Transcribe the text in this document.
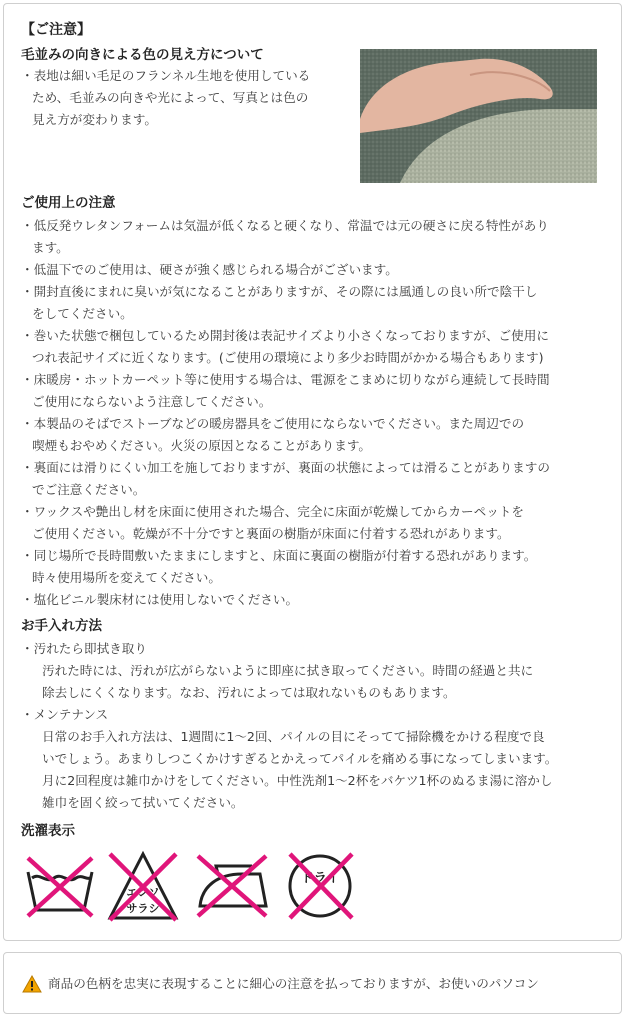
【ご注意】
毛並みの向きによる色の見え方について
・表地は細い毛足のフランネル生地を使用している
ため、毛並みの向きや光によって、写真とは色の
見え方が変わります。
ご使用上の注意
・低反発ウレタンフォームは気温が低くなると硬くなり、常温では元の硬さに戻る特性があり
ます。
・低温下でのご使用は、硬さが強く感じられる場合がございます。
・開封直後にまれに臭いが気になることがありますが、その際には風通しの良い所で陰干し
をしてください。
・巻いた状態で梱包しているため開封後は表記サイズより小さくなっておりますが、ご使用に
つれ表記サイズに近くなります。(ご使用の環境により多少お時間がかかる場合もあります)
・床暖房・ホットカーペット等に使用する場合は、電源をこまめに切りながら連続して長時間
ご使用にならないよう注意してください。
・本製品のそばでストーブなどの暖房器具をご使用にならないでください。また周辺での
喫煙もおやめください。火災の原因となることがあります。
・裏面には滑りにくい加工を施しておりますが、裏面の状態によっては滑ることがありますの
でご注意ください。
・ワックスや艶出し材を床面に使用された場合、完全に床面が乾燥してからカーペットを
ご使用ください。乾燥が不十分ですと裏面の樹脂が床面に付着する恐れがあります。
・同じ場所で長時間敷いたままにしますと、床面に裏面の樹脂が付着する恐れがあります。
時々使用場所を変えてください。
・塩化ビニル製床材には使用しないでください。
お手入れ方法
・汚れたら即拭き取り
汚れた時には、汚れが広がらないように即座に拭き取ってください。時間の経過と共に
除去しにくくなります。なお、汚れによっては取れないものもあります。
・メンテナンス
日常のお手入れ方法は、1週間に1〜2回、パイルの目にそってて掃除機をかける程度で良
いでしょう。あまりしつこくかけすぎるとかえってパイルを痛める事になってしまいます。
月に2回程度は雑巾かけをしてください。中性洗剤1〜2杯をバケツ1杯のぬるま湯に溶かし
雑巾を固く絞って拭いてください。
洗濯表示
エンソ
サラシ
ドライ
商品の色柄を忠実に表現することに細心の注意を払っておりますが、お使いのパソコン
